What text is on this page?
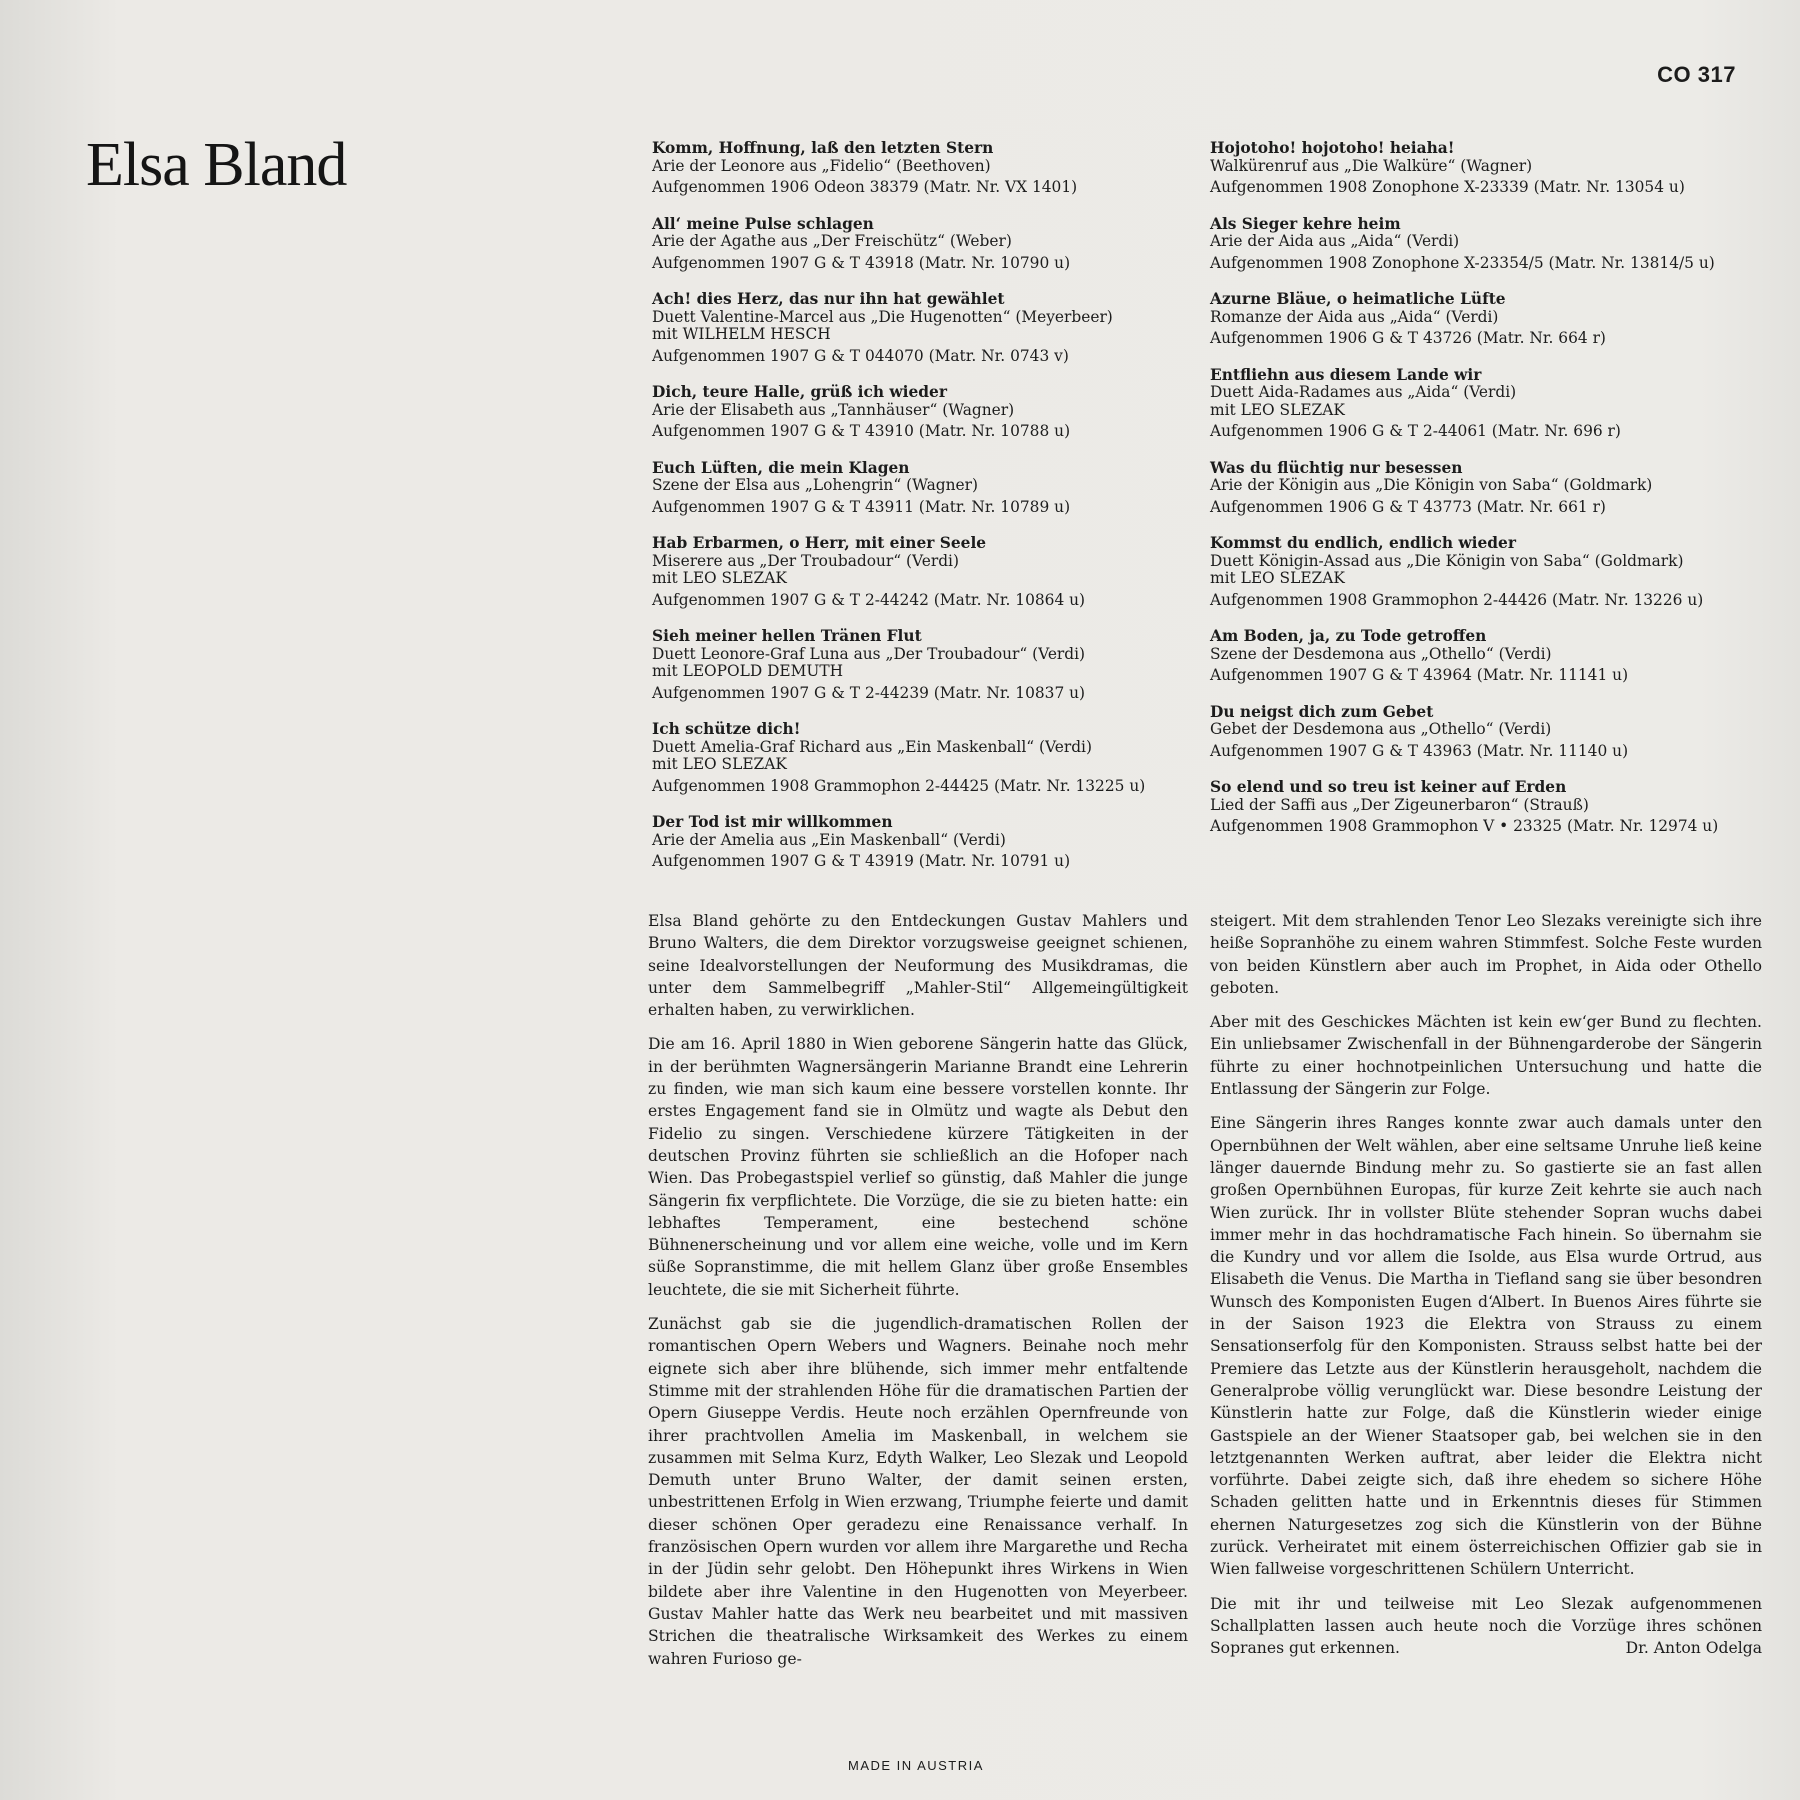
CO 317
Elsa Bland	Komm, Hoffnung, laß den letzten Stern
Arie der Leonore aus „Fidelio“ (Beethoven)
Aufgenommen 1906 Odeon 38379 (Matr. Nr. VX 1401)
All‘ meine Pulse schlagen
Arie der Agathe aus „Der Freischütz“ (Weber)
Aufgenommen 1907 G & T 43918 (Matr. Nr. 10790 u)
Ach! dies Herz, das nur ihn hat gewählet
Duett Valentine-Marcel aus „Die Hugenotten“ (Meyerbeer)
mit WILHELM HESCH
Aufgenommen 1907 G & T 044070 (Matr. Nr. 0743 v)
Dich, teure Halle, grüß ich wieder
Arie der Elisabeth aus „Tannhäuser“ (Wagner)
Aufgenommen 1907 G & T 43910 (Matr. Nr. 10788 u)
Euch Lüften, die mein Klagen
Szene der Elsa aus „Lohengrin“ (Wagner)
Aufgenommen 1907 G & T 43911 (Matr. Nr. 10789 u)
Hab Erbarmen, o Herr, mit einer Seele
Miserere aus „Der Troubadour“ (Verdi)
mit LEO SLEZAK
Aufgenommen 1907 G & T 2-44242 (Matr. Nr. 10864 u)
Sieh meiner hellen Tränen Flut
Duett Leonore-Graf Luna aus „Der Troubadour“ (Verdi)
mit LEOPOLD DEMUTH
Aufgenommen 1907 G & T 2-44239 (Matr. Nr. 10837 u)
Ich schütze dich!
Duett Amelia-Graf Richard aus „Ein Maskenball“ (Verdi)
mit LEO SLEZAK
Aufgenommen 1908 Grammophon 2-44425 (Matr. Nr. 13225 u)
Der Tod ist mir willkommen
Arie der Amelia aus „Ein Maskenball“ (Verdi)
Aufgenommen 1907 G & T 43919 (Matr. Nr. 10791 u)
Hojotoho! hojotoho! heiaha!
Walkürenruf aus „Die Walküre“ (Wagner)
Aufgenommen 1908 Zonophone X-23339 (Matr. Nr. 13054 u)
Als Sieger kehre heim
Arie der Aida aus „Aida“ (Verdi)
Aufgenommen 1908 Zonophone X-23354/5 (Matr. Nr. 13814/5 u)
Azurne Bläue, o heimatliche Lüfte
Romanze der Aida aus „Aida“ (Verdi)
Aufgenommen 1906 G & T 43726 (Matr. Nr. 664 r)
Entfliehn aus diesem Lande wir
Duett Aida-Radames aus „Aida“ (Verdi)
mit LEO SLEZAK
Aufgenommen 1906 G & T 2-44061 (Matr. Nr. 696 r)
Was du flüchtig nur besessen
Arie der Königin aus „Die Königin von Saba“ (Goldmark)
Aufgenommen 1906 G & T 43773 (Matr. Nr. 661 r)
Kommst du endlich, endlich wieder
Duett Königin-Assad aus „Die Königin von Saba“ (Goldmark)
mit LEO SLEZAK
Aufgenommen 1908 Grammophon 2-44426 (Matr. Nr. 13226 u)
Am Boden, ja, zu Tode getroffen
Szene der Desdemona aus „Othello“ (Verdi)
Aufgenommen 1907 G & T 43964 (Matr. Nr. 11141 u)
Du neigst dich zum Gebet
Gebet der Desdemona aus „Othello“ (Verdi)
Aufgenommen 1907 G & T 43963 (Matr. Nr. 11140 u)
So elend und so treu ist keiner auf Erden
Lied der Saffi aus „Der Zigeunerbaron“ (Strauß)
Aufgenommen 1908 Grammophon V • 23325 (Matr. Nr. 12974 u)

Elsa Bland gehörte zu den Entdeckungen Gustav Mahlers und Bruno Walters, die dem Direktor vorzugsweise geeignet schienen, seine Idealvorstellungen der Neuformung des Musikdramas, die unter dem Sammelbegriff „Mahler-Stil“ Allgemeingültigkeit erhalten haben, zu verwirklichen.

Die am 16. April 1880 in Wien geborene Sängerin hatte das Glück, in der berühmten Wagnersängerin Marianne Brandt eine Lehrerin zu finden, wie man sich kaum eine bessere vorstellen konnte. Ihr erstes Engagement fand sie in Olmütz und wagte als Debut den Fidelio zu singen. Verschiedene kürzere Tätigkeiten in der deutschen Provinz führten sie schließlich an die Hofoper nach Wien. Das Probegastspiel verlief so günstig, daß Mahler die junge Sängerin fix verpflichtete. Die Vorzüge, die sie zu bieten hatte: ein lebhaftes Temperament, eine bestechend schöne Bühnenerscheinung und vor allem eine weiche, volle und im Kern süße Sopranstimme, die mit hellem Glanz über große Ensembles leuchtete, die sie mit Sicherheit führte.

Zunächst gab sie die jugendlich-dramatischen Rollen der romantischen Opern Webers und Wagners. Beinahe noch mehr eignete sich aber ihre blühende, sich immer mehr entfaltende Stimme mit der strahlenden Höhe für die dramatischen Partien der Opern Giuseppe Verdis. Heute noch erzählen Opernfreunde von ihrer prachtvollen Amelia im Maskenball, in welchem sie zusammen mit Selma Kurz, Edyth Walker, Leo Slezak und Leopold Demuth unter Bruno Walter, der damit seinen ersten, unbestrittenen Erfolg in Wien erzwang, Triumphe feierte und damit dieser schönen Oper geradezu eine Renaissance verhalf. In französischen Opern wurden vor allem ihre Margarethe und Recha in der Jüdin sehr gelobt. Den Höhepunkt ihres Wirkens in Wien bildete aber ihre Valentine in den Hugenotten von Meyerbeer. Gustav Mahler hatte das Werk neu bearbeitet und mit massiven Strichen die theatralische Wirksamkeit des Werkes zu einem wahren Furioso ge-

steigert. Mit dem strahlenden Tenor Leo Slezaks vereinigte sich ihre heiße Sopranhöhe zu einem wahren Stimmfest. Solche Feste wurden von beiden Künstlern aber auch im Prophet, in Aida oder Othello geboten.

Aber mit des Geschickes Mächten ist kein ew‘ger Bund zu flechten. Ein unliebsamer Zwischenfall in der Bühnengarderobe der Sängerin führte zu einer hochnotpeinlichen Untersuchung und hatte die Entlassung der Sängerin zur Folge.

Eine Sängerin ihres Ranges konnte zwar auch damals unter den Opernbühnen der Welt wählen, aber eine seltsame Unruhe ließ keine länger dauernde Bindung mehr zu. So gastierte sie an fast allen großen Opernbühnen Europas, für kurze Zeit kehrte sie auch nach Wien zurück. Ihr in vollster Blüte stehender Sopran wuchs dabei immer mehr in das hochdramatische Fach hinein. So übernahm sie die Kundry und vor allem die Isolde, aus Elsa wurde Ortrud, aus Elisabeth die Venus. Die Martha in Tiefland sang sie über besondren Wunsch des Komponisten Eugen d‘Albert. In Buenos Aires führte sie in der Saison 1923 die Elektra von Strauss zu einem Sensationserfolg für den Komponisten. Strauss selbst hatte bei der Premiere das Letzte aus der Künstlerin herausgeholt, nachdem die Generalprobe völlig verunglückt war. Diese besondre Leistung der Künstlerin hatte zur Folge, daß die Künstlerin wieder einige Gastspiele an der Wiener Staatsoper gab, bei welchen sie in den letztgenannten Werken auftrat, aber leider die Elektra nicht vorführte. Dabei zeigte sich, daß ihre ehedem so sichere Höhe Schaden gelitten hatte und in Erkenntnis dieses für Stimmen ehernen Naturgesetzes zog sich die Künstlerin von der Bühne zurück. Verheiratet mit einem österreichischen Offizier gab sie in Wien fallweise vorgeschrittenen Schülern Unterricht.

Die mit ihr und teilweise mit Leo Slezak aufgenommenen Schallplatten lassen auch heute noch die Vorzüge ihres schönen Sopranes gut erkennen.	Dr. Anton Odelga

MADE IN AUSTRIA
